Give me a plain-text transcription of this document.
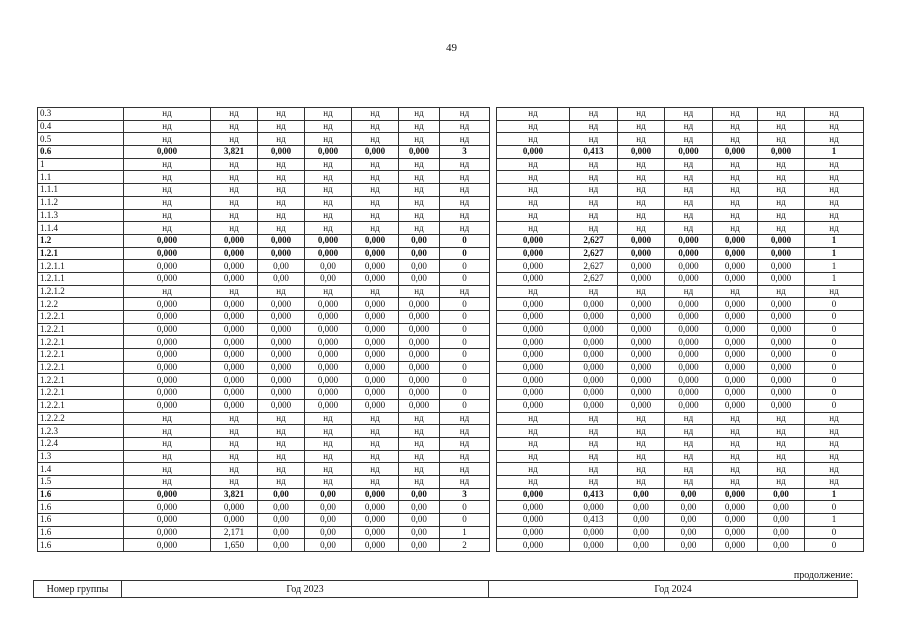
49
0.3	нд	нд	нд	нд	нд	нд	нд		нд	нд	нд	нд	нд	нд	нд
0.4	нд	нд	нд	нд	нд	нд	нд		нд	нд	нд	нд	нд	нд	нд
0.5	нд	нд	нд	нд	нд	нд	нд		нд	нд	нд	нд	нд	нд	нд
0.6	0,000	3,821	0,000	0,000	0,000	0,000	3		0,000	0,413	0,000	0,000	0,000	0,000	1
1	нд	нд	нд	нд	нд	нд	нд		нд	нд	нд	нд	нд	нд	нд
1.1	нд	нд	нд	нд	нд	нд	нд		нд	нд	нд	нд	нд	нд	нд
1.1.1	нд	нд	нд	нд	нд	нд	нд		нд	нд	нд	нд	нд	нд	нд
1.1.2	нд	нд	нд	нд	нд	нд	нд		нд	нд	нд	нд	нд	нд	нд
1.1.3	нд	нд	нд	нд	нд	нд	нд		нд	нд	нд	нд	нд	нд	нд
1.1.4	нд	нд	нд	нд	нд	нд	нд		нд	нд	нд	нд	нд	нд	нд
1.2	0,000	0,000	0,000	0,000	0,000	0,00	0		0,000	2,627	0,000	0,000	0,000	0,000	1
1.2.1	0,000	0,000	0,000	0,000	0,000	0,00	0		0,000	2,627	0,000	0,000	0,000	0,000	1
1.2.1.1	0,000	0,000	0,00	0,00	0,000	0,00	0		0,000	2,627	0,000	0,000	0,000	0,000	1
1.2.1.1	0,000	0,000	0,00	0,00	0,000	0,00	0		0,000	2,627	0,000	0,000	0,000	0,000	1
1.2.1.2	нд	нд	нд	нд	нд	нд	нд		нд	нд	нд	нд	нд	нд	нд
1.2.2	0,000	0,000	0,000	0,000	0,000	0,000	0		0,000	0,000	0,000	0,000	0,000	0,000	0
1.2.2.1	0,000	0,000	0,000	0,000	0,000	0,000	0		0,000	0,000	0,000	0,000	0,000	0,000	0
1.2.2.1	0,000	0,000	0,000	0,000	0,000	0,000	0		0,000	0,000	0,000	0,000	0,000	0,000	0
1.2.2.1	0,000	0,000	0,000	0,000	0,000	0,000	0		0,000	0,000	0,000	0,000	0,000	0,000	0
1.2.2.1	0,000	0,000	0,000	0,000	0,000	0,000	0		0,000	0,000	0,000	0,000	0,000	0,000	0
1.2.2.1	0,000	0,000	0,000	0,000	0,000	0,000	0		0,000	0,000	0,000	0,000	0,000	0,000	0
1.2.2.1	0,000	0,000	0,000	0,000	0,000	0,000	0		0,000	0,000	0,000	0,000	0,000	0,000	0
1.2.2.1	0,000	0,000	0,000	0,000	0,000	0,000	0		0,000	0,000	0,000	0,000	0,000	0,000	0
1.2.2.1	0,000	0,000	0,000	0,000	0,000	0,000	0		0,000	0,000	0,000	0,000	0,000	0,000	0
1.2.2.2	нд	нд	нд	нд	нд	нд	нд		нд	нд	нд	нд	нд	нд	нд
1.2.3	нд	нд	нд	нд	нд	нд	нд		нд	нд	нд	нд	нд	нд	нд
1.2.4	нд	нд	нд	нд	нд	нд	нд		нд	нд	нд	нд	нд	нд	нд
1.3	нд	нд	нд	нд	нд	нд	нд		нд	нд	нд	нд	нд	нд	нд
1.4	нд	нд	нд	нд	нд	нд	нд		нд	нд	нд	нд	нд	нд	нд
1.5	нд	нд	нд	нд	нд	нд	нд		нд	нд	нд	нд	нд	нд	нд
1.6	0,000	3,821	0,00	0,00	0,000	0,00	3		0,000	0,413	0,00	0,00	0,000	0,00	1
1.6	0,000	0,000	0,00	0,00	0,000	0,00	0		0,000	0,000	0,00	0,00	0,000	0,00	0
1.6	0,000	0,000	0,00	0,00	0,000	0,00	0		0,000	0,413	0,00	0,00	0,000	0,00	1
1.6	0,000	2,171	0,00	0,00	0,000	0,00	1		0,000	0,000	0,00	0,00	0,000	0,00	0
1.6	0,000	1,650	0,00	0,00	0,000	0,00	2		0,000	0,000	0,00	0,00	0,000	0,00	0
продолжение:
Номер группы	Год 2023	Год 2024
